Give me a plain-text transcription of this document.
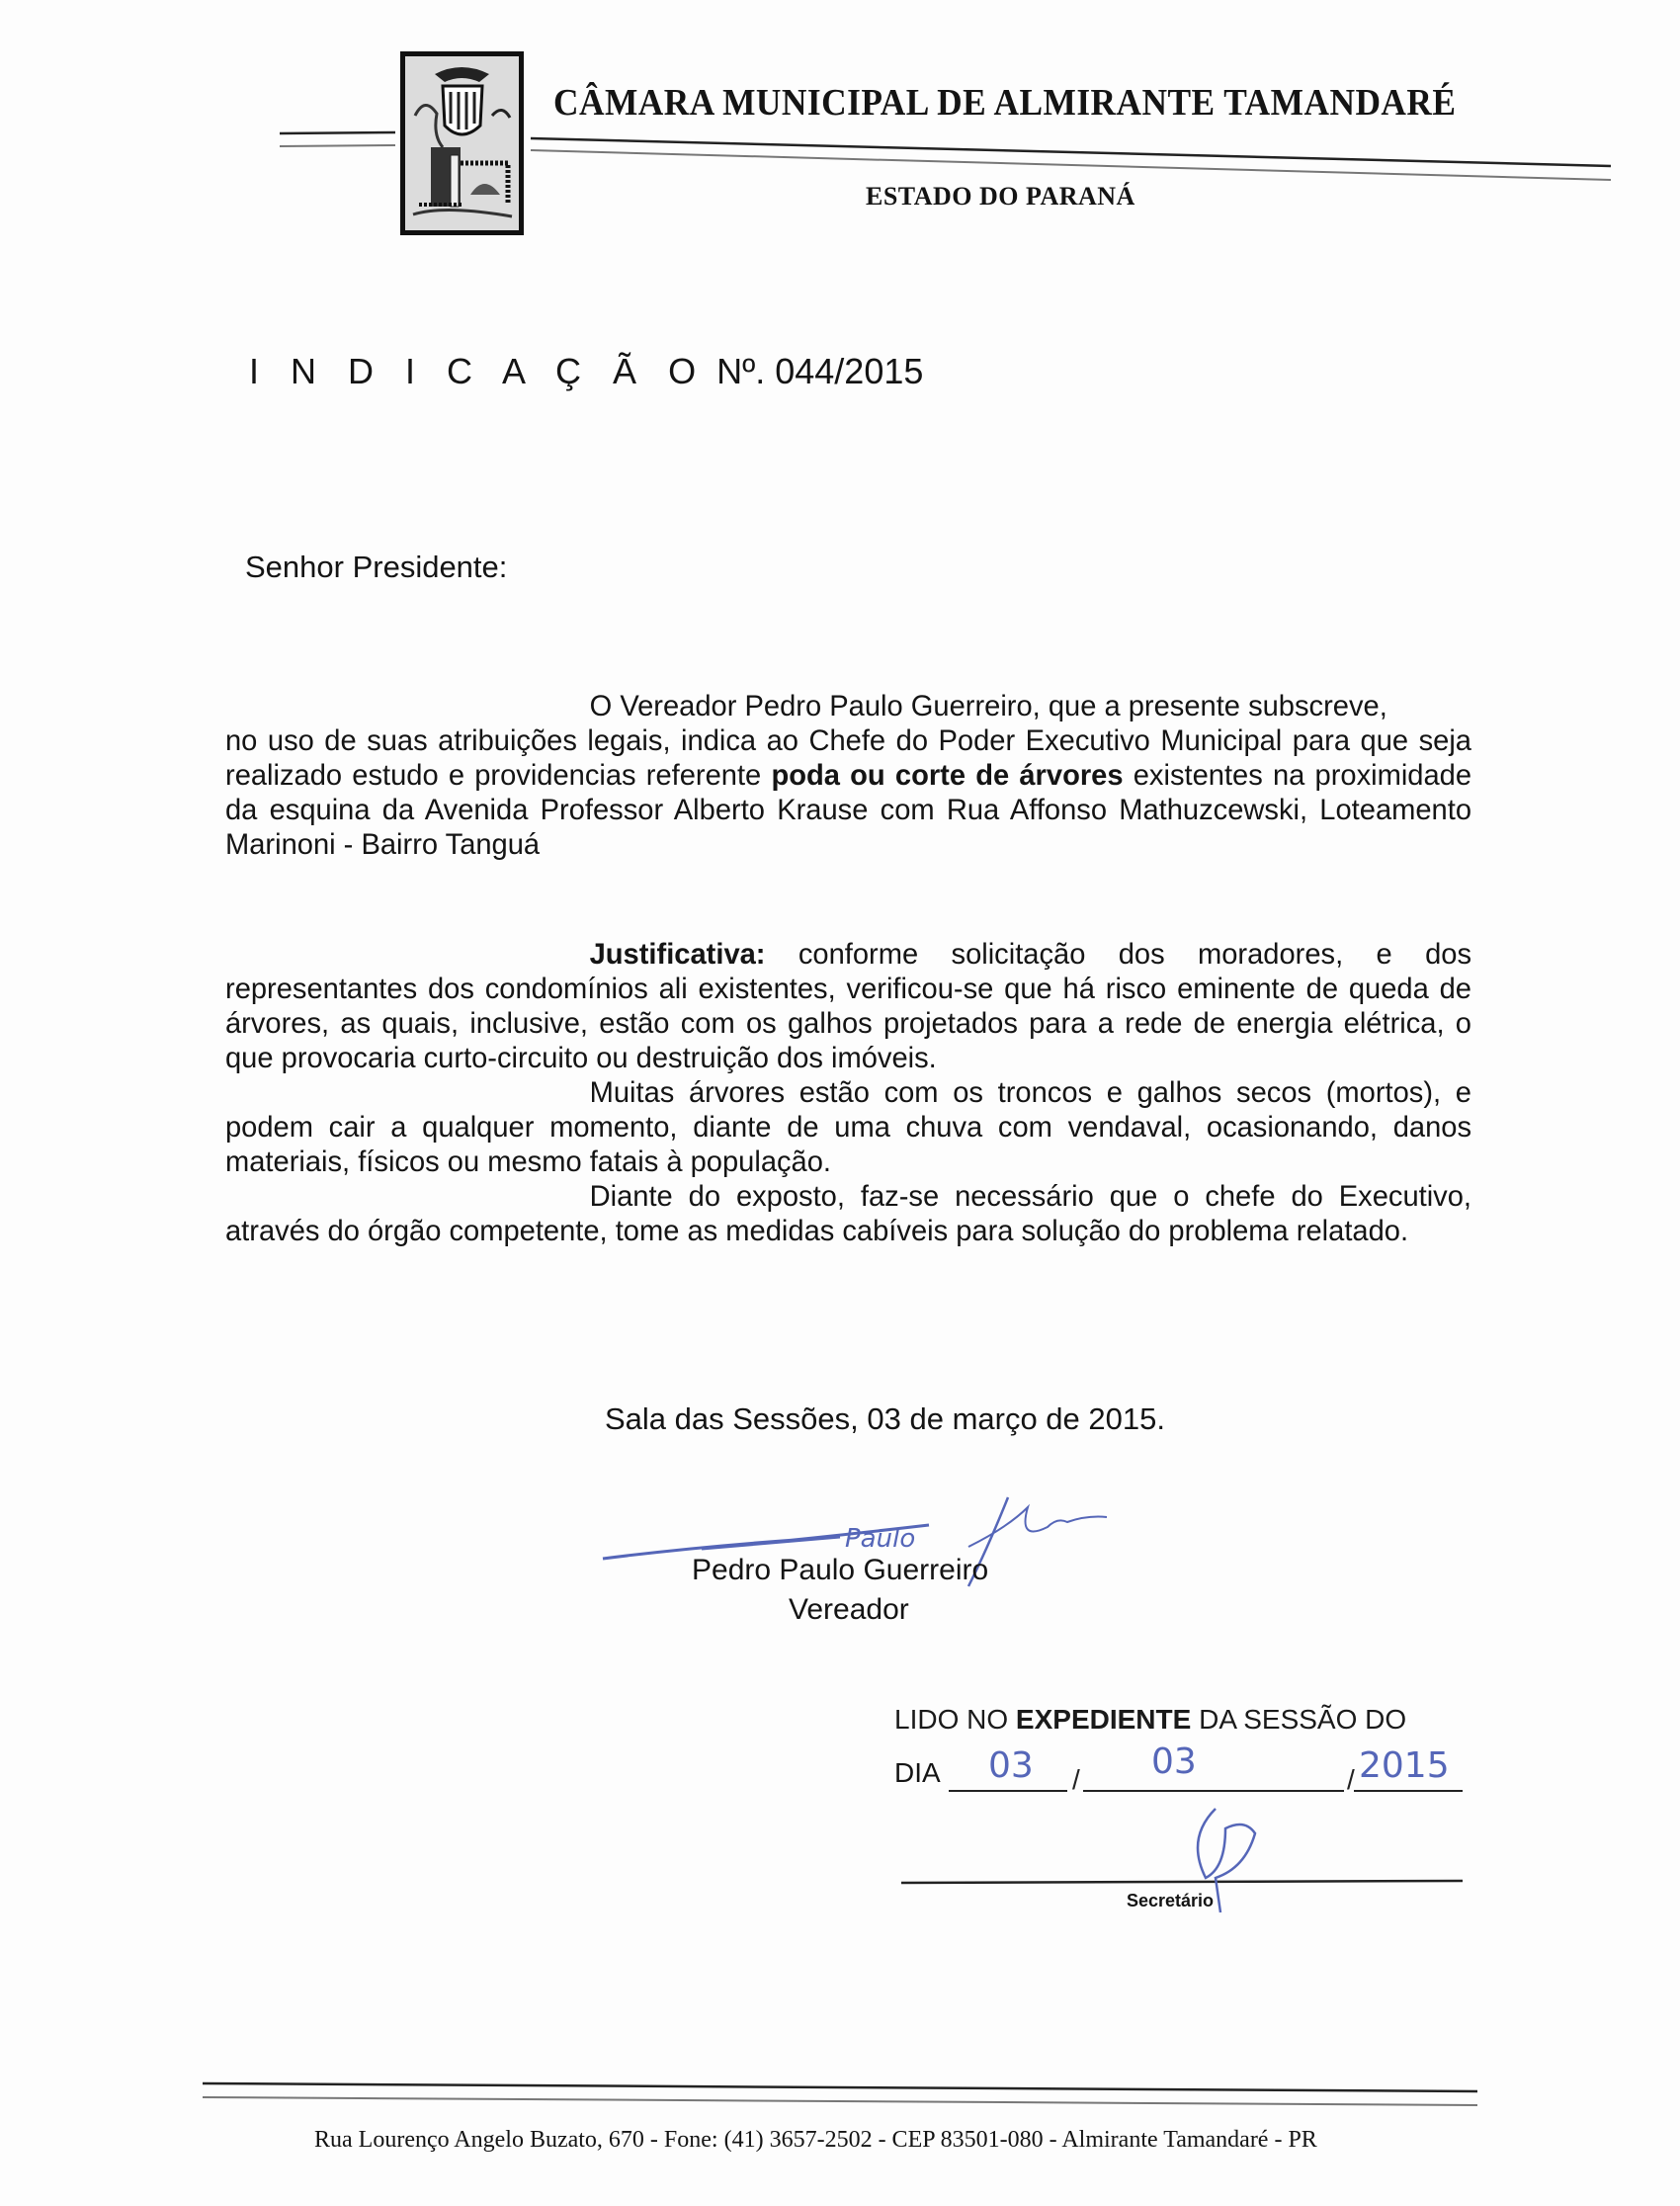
CÂMARA MUNICIPAL DE ALMIRANTE TAMANDARÉ
ESTADO DO PARANÁ
I N D I C A Ç Ã O Nº. 044/2015
Senhor Presidente:

O Vereador Pedro Paulo Guerreiro, que a presente subscreve,

no uso de suas atribuições legais, indica ao Chefe do Poder Executivo Municipal para que seja realizado estudo e providencias referente poda ou corte de árvores existentes na proximidade da esquina da Avenida Professor Alberto Krause com Rua Affonso Mathuzcewski, Loteamento Marinoni - Bairro Tanguá

Justificativa: conforme solicitação dos moradores, e dos representantes dos condomínios ali existentes, verificou-se que há risco eminente de queda de árvores, as quais, inclusive, estão com os galhos projetados para a rede de energia elétrica, o que provocaria curto-circuito ou destruição dos imóveis.

Muitas árvores estão com os troncos e galhos secos (mortos), e podem cair a qualquer momento, diante de uma chuva com vendaval, ocasionando, danos materiais, físicos ou mesmo fatais à população.

Diante do exposto, faz-se necessário que o chefe do Executivo, através do órgão competente, tome as medidas cabíveis para solução do problema relatado.

Sala das Sessões, 03 de março de 2015.
Paulo
Pedro Paulo Guerreiro
Vereador
LIDO NO EXPEDIENTE DA SESSÃO DO
DIA	/	/
03	03	2015
Secretário
Rua Lourenço Angelo Buzato, 670 - Fone: (41) 3657-2502 - CEP 83501-080 - Almirante Tamandaré - PR
